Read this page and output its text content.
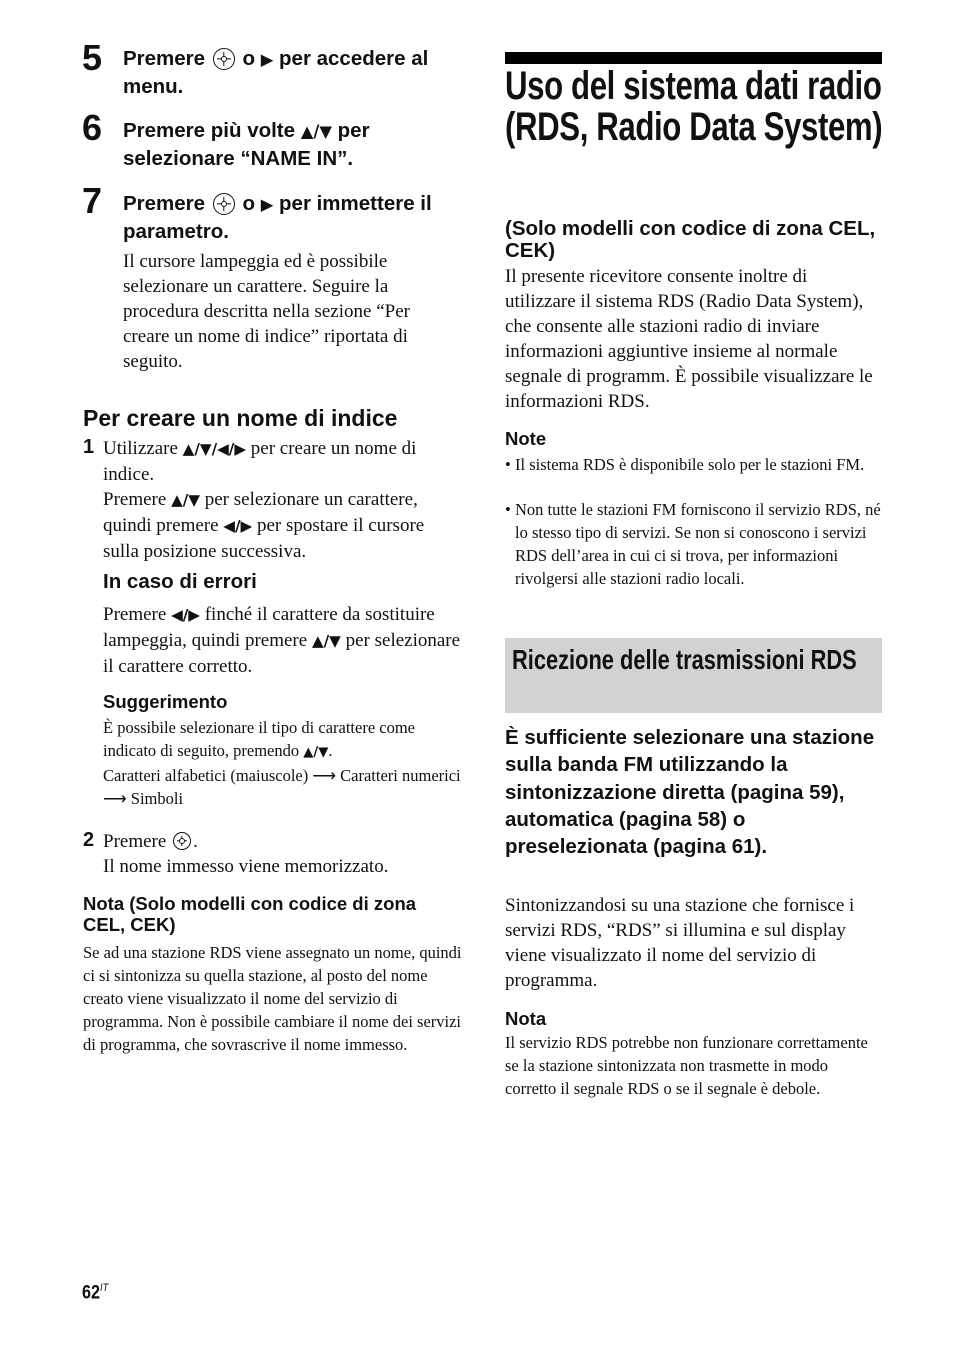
5 Premere o ▶ per accedere al menu.
6 Premere più volte ▲/▼ per selezionare “NAME IN”.
7 Premere o ▶ per immettere il parametro.
Il cursore lampeggia ed è possibile selezionare un carattere. Seguire la procedura descritta nella sezione “Per creare un nome di indice” riportata di seguito.
Per creare un nome di indice
1 Utilizzare ▲/▼/◀/▶ per creare un nome di indice.
Premere ▲/▼ per selezionare un carattere, quindi premere ◀/▶ per spostare il cursore sulla posizione successiva.
In caso di errori
Premere ◀/▶ finché il carattere da sostituire lampeggia, quindi premere ▲/▼ per selezionare il carattere corretto.
Suggerimento
È possibile selezionare il tipo di carattere come indicato di seguito, premendo ▲/▼.
Caratteri alfabetici (maiuscole) ⟶ Caratteri numerici ⟶ Simboli
2 Premere .
Il nome immesso viene memorizzato.
Nota (Solo modelli con codice di zona CEL, CEK)
Se ad una stazione RDS viene assegnato un nome, quindi ci si sintonizza su quella stazione, al posto del nome creato viene visualizzato il nome del servizio di programma. Non è possibile cambiare il nome dei servizi di programma, che sovrascrive il nome immesso.
Uso del sistema dati radio (RDS, Radio Data System)
(Solo modelli con codice di zona CEL, CEK)
Il presente ricevitore consente inoltre di utilizzare il sistema RDS (Radio Data System), che consente alle stazioni radio di inviare informazioni aggiuntive insieme al normale segnale di programm. È possibile visualizzare le informazioni RDS.
Note
• Il sistema RDS è disponibile solo per le stazioni FM.
• Non tutte le stazioni FM forniscono il servizio RDS, né lo stesso tipo di servizi. Se non si conoscono i servizi RDS dell’area in cui ci si trova, per informazioni rivolgersi alle stazioni radio locali.
Ricezione delle trasmissioni RDS
È sufficiente selezionare una stazione sulla banda FM utilizzando la sintonizzazione diretta (pagina 59), automatica (pagina 58) o preselezionata (pagina 61).
Sintonizzandosi su una stazione che fornisce i servizi RDS, “RDS” si illumina e sul display viene visualizzato il nome del servizio di programma.
Nota
Il servizio RDS potrebbe non funzionare correttamente se la stazione sintonizzata non trasmette in modo corretto il segnale RDS o se il segnale è debole.
$62^{IT}$
